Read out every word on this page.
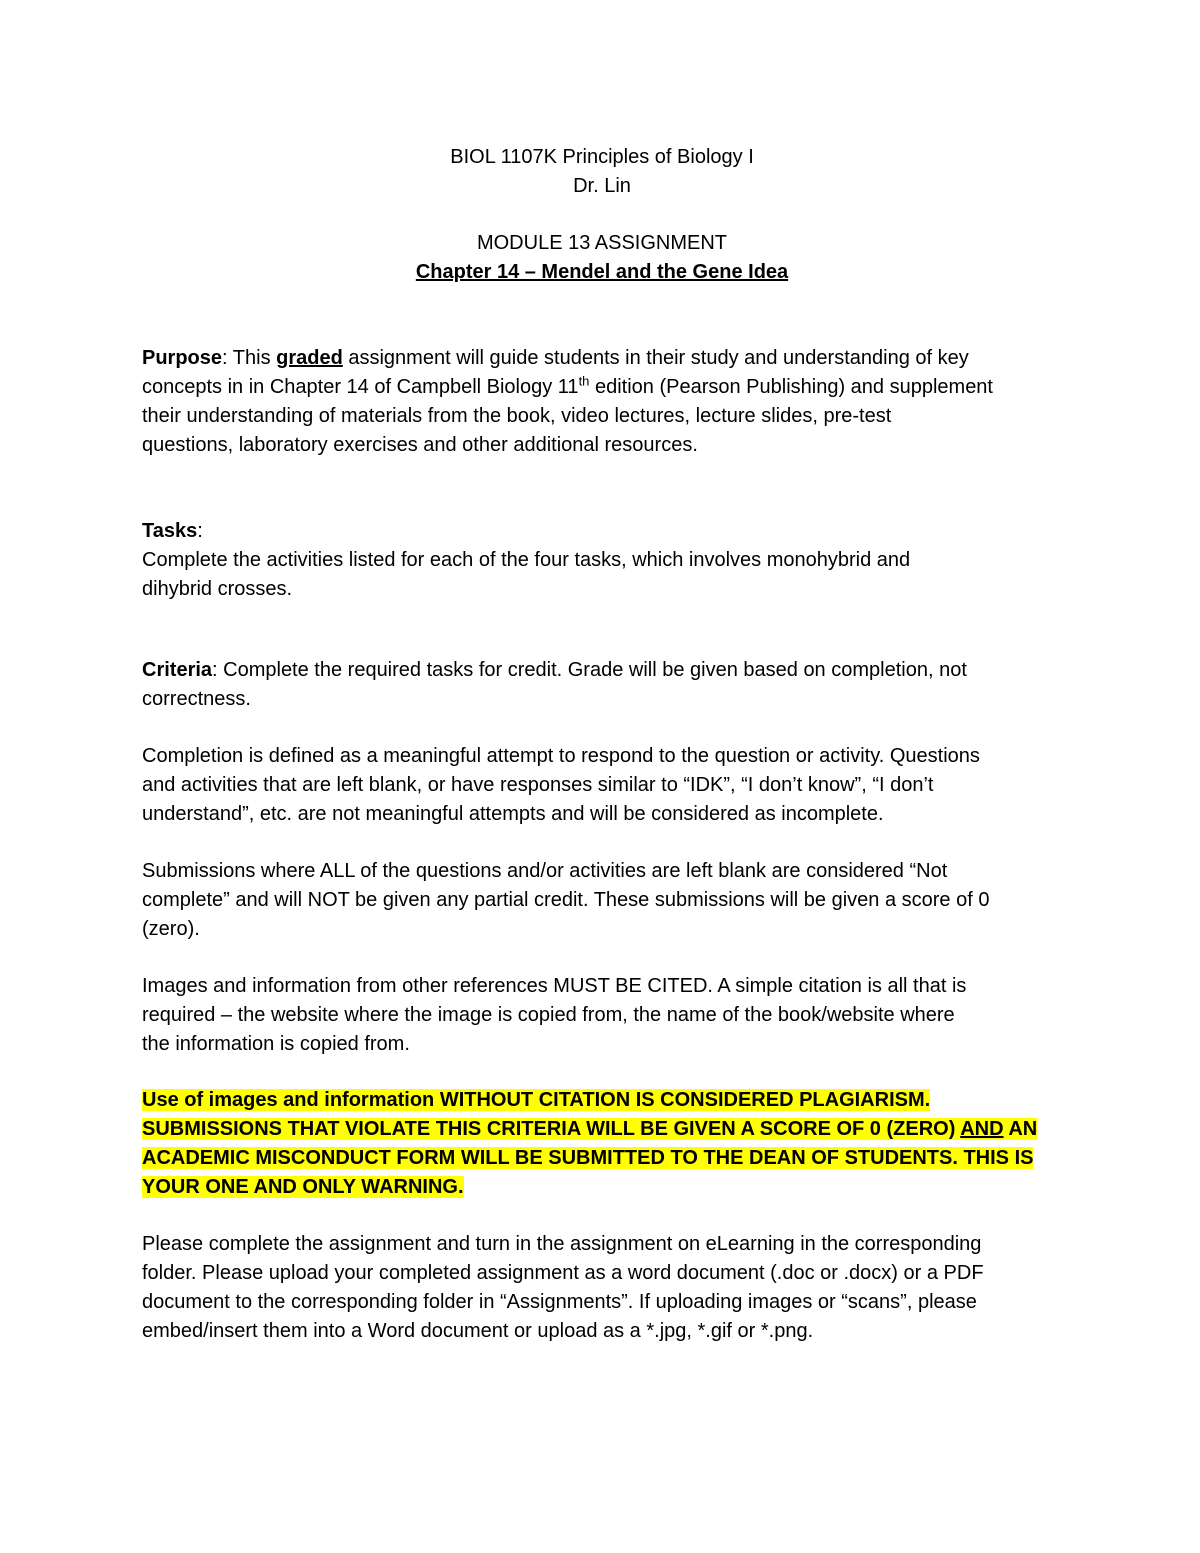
BIOL 1107K Principles of Biology I
Dr. Lin
MODULE 13 ASSIGNMENT
Chapter 14 – Mendel and the Gene Idea
Purpose: This graded assignment will guide students in their study and understanding of key
concepts in in Chapter 14 of Campbell Biology 11th edition (Pearson Publishing) and supplement
their understanding of materials from the book, video lectures, lecture slides, pre-test
questions, laboratory exercises and other additional resources.
Tasks:
Complete the activities listed for each of the four tasks, which involves monohybrid and
dihybrid crosses.
Criteria: Complete the required tasks for credit. Grade will be given based on completion, not
correctness.
Completion is defined as a meaningful attempt to respond to the question or activity. Questions
and activities that are left blank, or have responses similar to “IDK”, “I don’t know”, “I don’t
understand”, etc. are not meaningful attempts and will be considered as incomplete.
Submissions where ALL of the questions and/or activities are left blank are considered “Not
complete” and will NOT be given any partial credit. These submissions will be given a score of 0
(zero).
Images and information from other references MUST BE CITED. A simple citation is all that is
required – the website where the image is copied from, the name of the book/website where
the information is copied from.
Use of images and information WITHOUT CITATION IS CONSIDERED PLAGIARISM.
SUBMISSIONS THAT VIOLATE THIS CRITERIA WILL BE GIVEN A SCORE OF 0 (ZERO) AND AN
ACADEMIC MISCONDUCT FORM WILL BE SUBMITTED TO THE DEAN OF STUDENTS. THIS IS
YOUR ONE AND ONLY WARNING.
Please complete the assignment and turn in the assignment on eLearning in the corresponding
folder. Please upload your completed assignment as a word document (.doc or .docx) or a PDF
document to the corresponding folder in “Assignments”. If uploading images or “scans”, please
embed/insert them into a Word document or upload as a *.jpg, *.gif or *.png.
